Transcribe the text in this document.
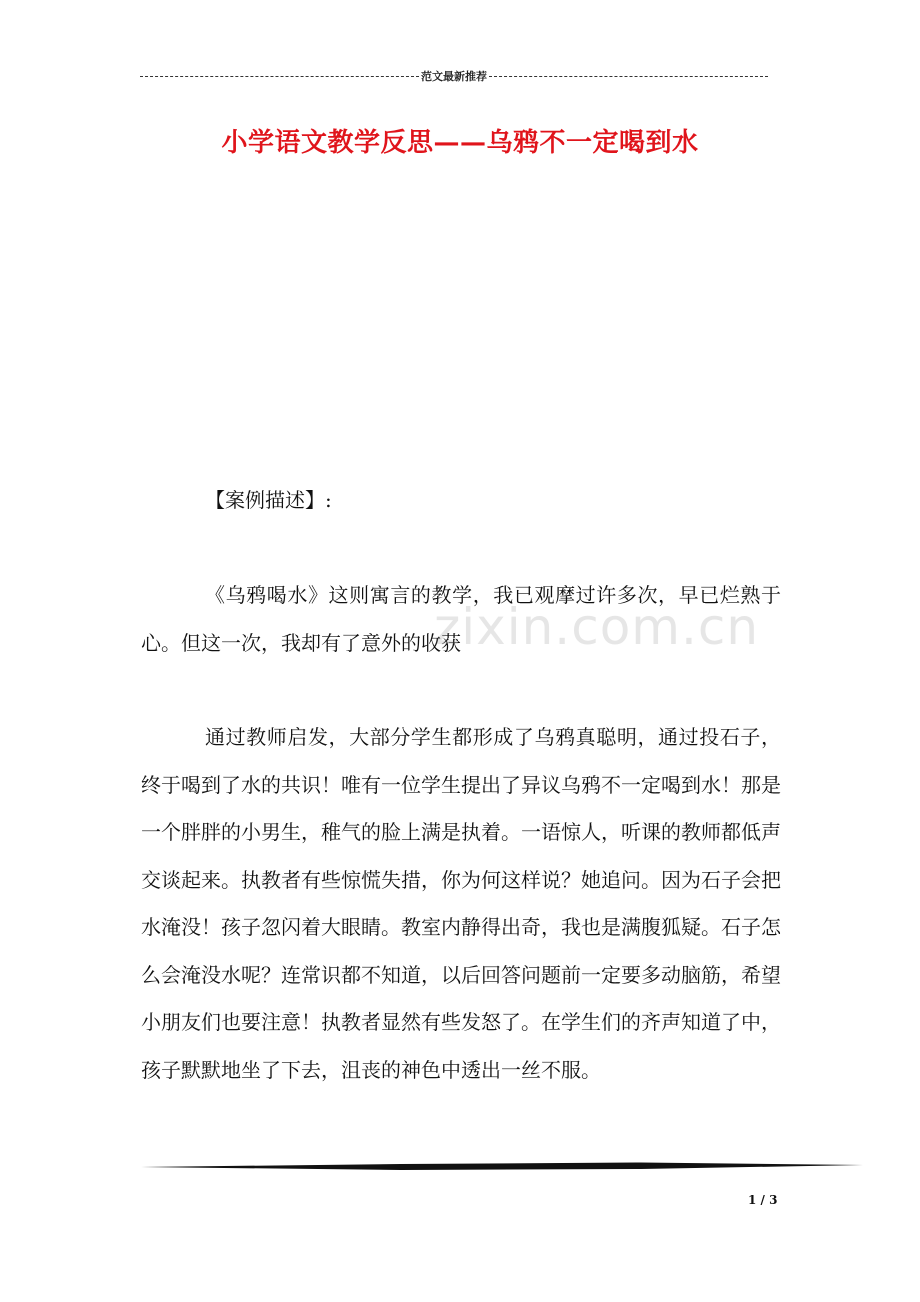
范文最新推荐
小学语文教学反思——乌鸦不一定喝到水
【案例描述】:
《乌鸦喝水》这则寓言的教学，我已观摩过许多次，早已烂熟于心。但这一次，我却有了意外的收获
通过教师启发，大部分学生都形成了乌鸦真聪明，通过投石子，终于喝到了水的共识！唯有一位学生提出了异议乌鸦不一定喝到水！那是一个胖胖的小男生，稚气的脸上满是执着。一语惊人，听课的教师都低声交谈起来。执教者有些惊慌失措，你为何这样说？她追问。因为石子会把水淹没！孩子忽闪着大眼睛。教室内静得出奇，我也是满腹狐疑。石子怎么会淹没水呢？连常识都不知道，以后回答问题前一定要多动脑筋，希望小朋友们也要注意！执教者显然有些发怒了。在学生们的齐声知道了中，孩子默默地坐了下去，沮丧的神色中透出一丝不服。
zixin.com.cn
1 / 3
